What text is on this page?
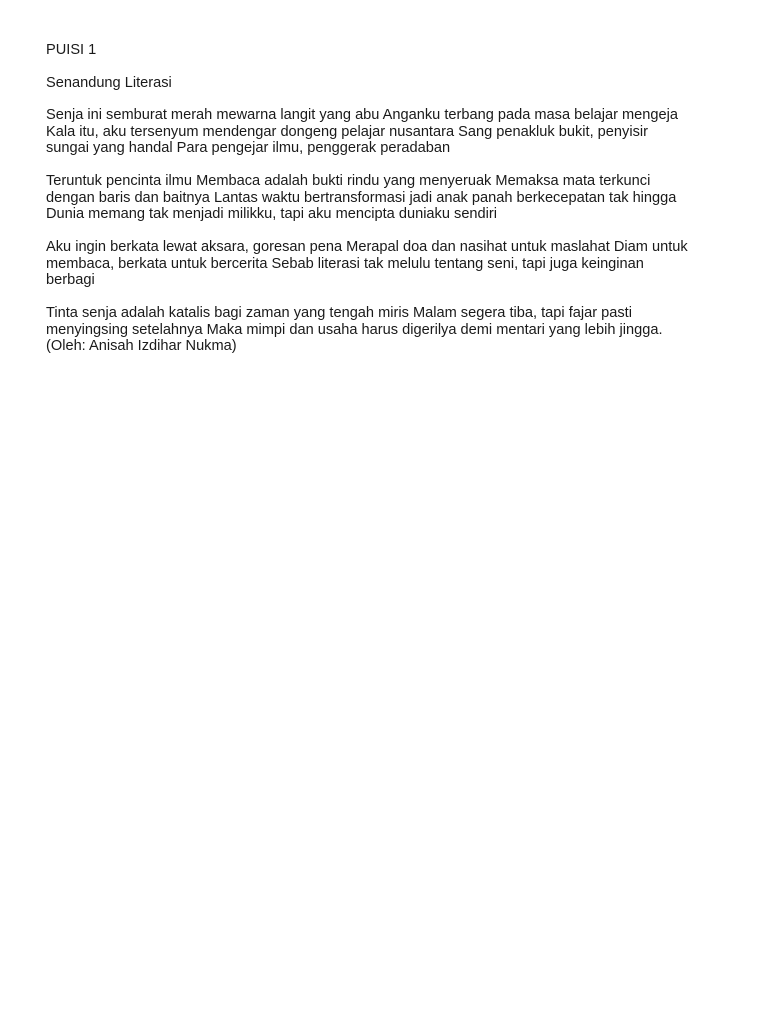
PUISI 1
Senandung Literasi
Senja ini semburat merah mewarna langit yang abu Anganku terbang pada masa belajar mengeja
Kala itu, aku tersenyum mendengar dongeng pelajar nusantara Sang penakluk bukit, penyisir
sungai yang handal Para pengejar ilmu, penggerak peradaban
Teruntuk pencinta ilmu Membaca adalah bukti rindu yang menyeruak Memaksa mata terkunci
dengan baris dan baitnya Lantas waktu bertransformasi jadi anak panah berkecepatan tak hingga
Dunia memang tak menjadi milikku, tapi aku mencipta duniaku sendiri
Aku ingin berkata lewat aksara, goresan pena Merapal doa dan nasihat untuk maslahat Diam untuk
membaca, berkata untuk bercerita Sebab literasi tak melulu tentang seni, tapi juga keinginan
berbagi
Tinta senja adalah katalis bagi zaman yang tengah miris Malam segera tiba, tapi fajar pasti
menyingsing setelahnya Maka mimpi dan usaha harus digerilya demi mentari yang lebih jingga.
(Oleh: Anisah Izdihar Nukma)
